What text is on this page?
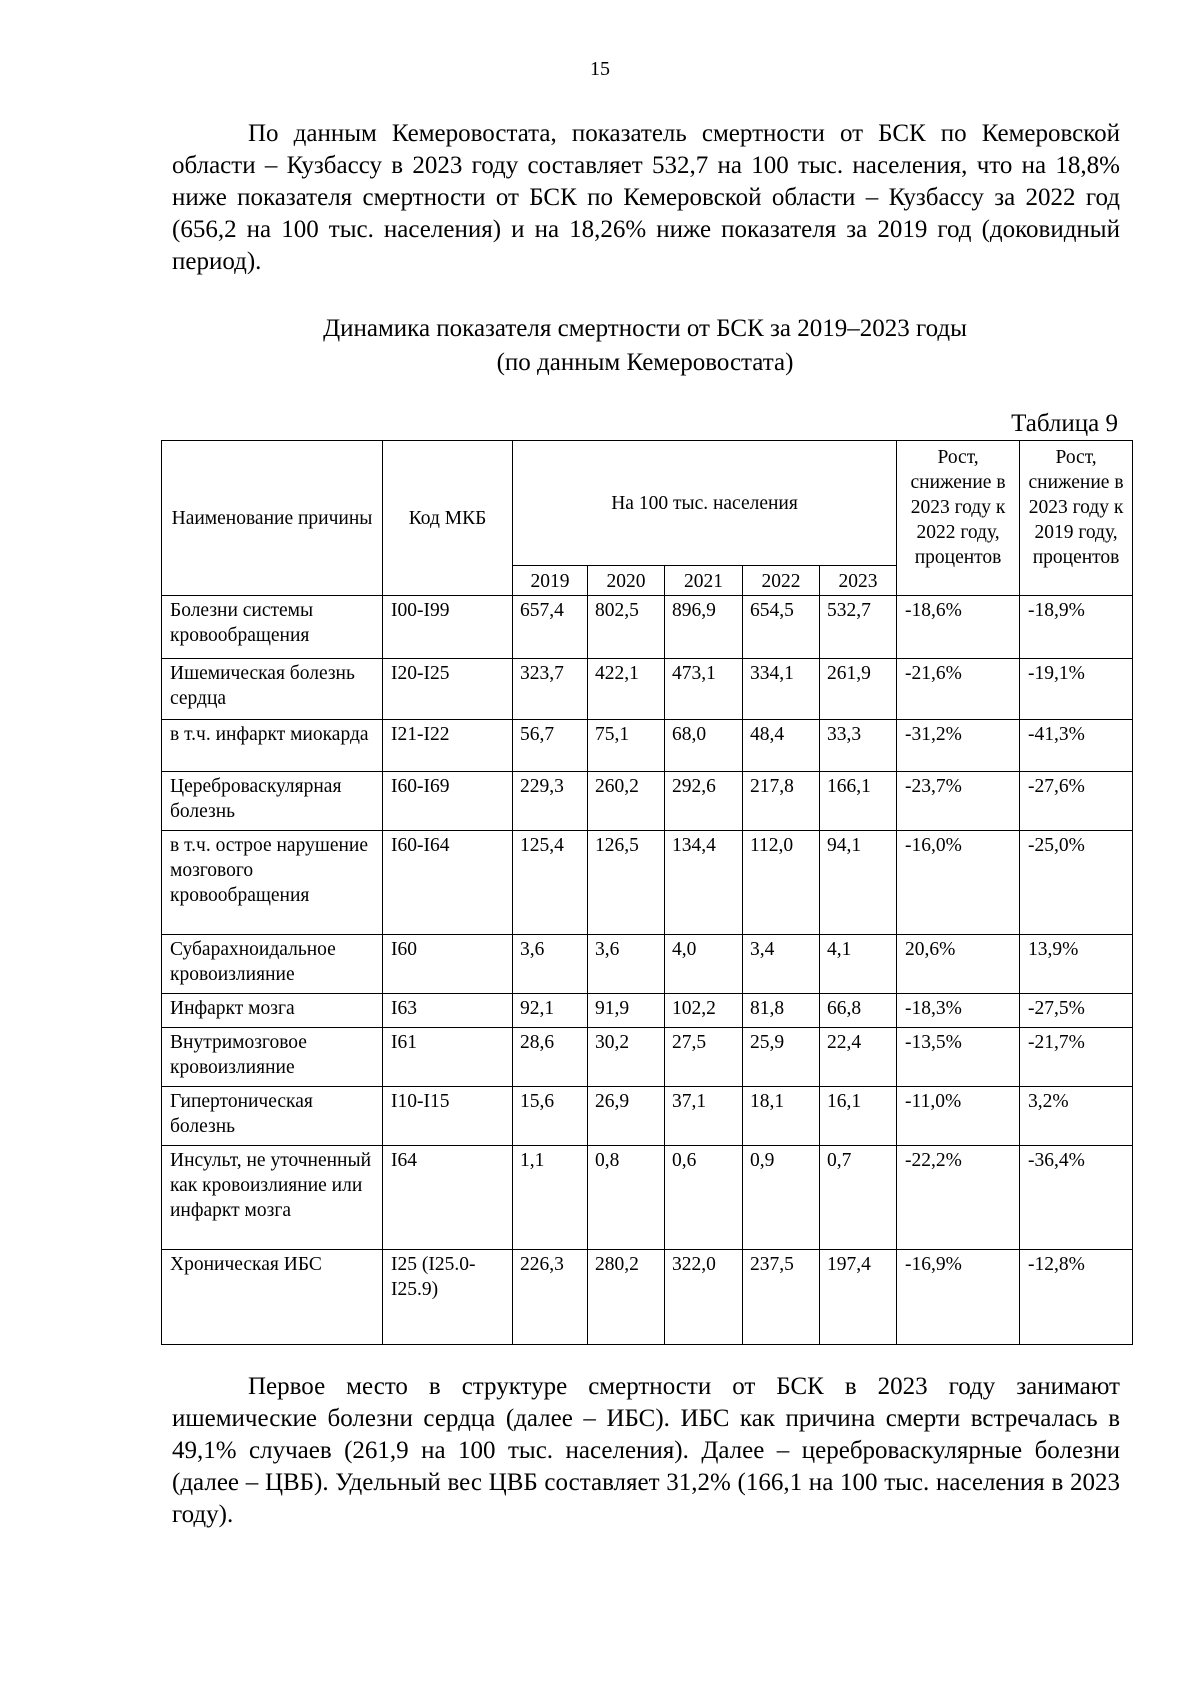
15

По данным Кемеровостата, показатель смертности от БСК по Кемеровской области – Кузбассу в 2023 году составляет 532,7 на 100 тыс. населения, что на 18,8% ниже показателя смертности от БСК по Кемеровской области – Кузбассу за 2022 год (656,2 на 100 тыс. населения) и на 18,26% ниже показателя за 2019 год (доковидный период).

Динамика показателя смертности от БСК за 2019–2023 годы
(по данным Кемеровостата)
Таблица 9
Наименование причины	Код МКБ	На 100 тыс. населения					Рост, снижение в 2023 году к 2022 году, процентов	Рост, снижение в 2023 году к 2019 году, процентов
		2019	2020	2021	2022	2023		
Болезни системы кровообращения	I00-I99	657,4	802,5	896,9	654,5	532,7	-18,6%	-18,9%
Ишемическая болезнь сердца	I20-I25	323,7	422,1	473,1	334,1	261,9	-21,6%	-19,1%
в т.ч. инфаркт миокарда	I21-I22	56,7	75,1	68,0	48,4	33,3	-31,2%	-41,3%
Цереброваскулярная болезнь	I60-I69	229,3	260,2	292,6	217,8	166,1	-23,7%	-27,6%
в т.ч. острое нарушение мозгового кровообращения	I60-I64	125,4	126,5	134,4	112,0	94,1	-16,0%	-25,0%
Субарахноидальное кровоизлияние	I60	3,6	3,6	4,0	3,4	4,1	20,6%	13,9%
Инфаркт мозга	I63	92,1	91,9	102,2	81,8	66,8	-18,3%	-27,5%
Внутримозговое кровоизлияние	I61	28,6	30,2	27,5	25,9	22,4	-13,5%	-21,7%
Гипертоническая болезнь	I10-I15	15,6	26,9	37,1	18,1	16,1	-11,0%	3,2%
Инсульт, не уточненный как кровоизлияние или инфаркт мозга	I64	1,1	0,8	0,6	0,9	0,7	-22,2%	-36,4%
Хроническая ИБС	I25 (I25.0-I25.9)	226,3	280,2	322,0	237,5	197,4	-16,9%	-12,8%

Первое место в структуре смертности от БСК в 2023 году занимают ишемические болезни сердца (далее – ИБС). ИБС как причина смерти встречалась в 49,1% случаев (261,9 на 100 тыс. населения). Далее – цереброваскулярные болезни (далее – ЦВБ). Удельный вес ЦВБ составляет 31,2% (166,1 на 100 тыс. населения в 2023 году).
